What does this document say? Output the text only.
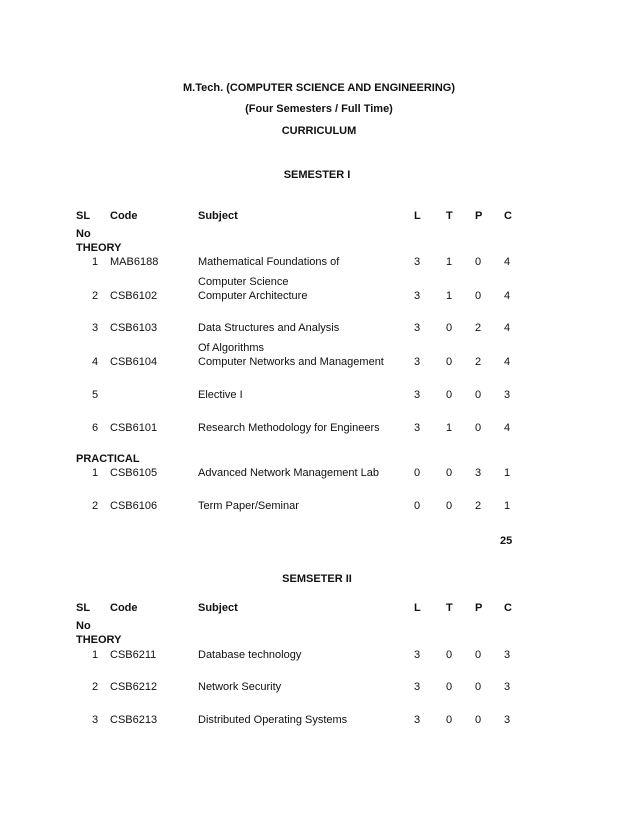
M.Tech. (COMPUTER SCIENCE AND ENGINEERING)
(Four Semesters / Full Time)
CURRICULUM
SEMESTER I
SL Code	Subject	L T P C
No
THEORY
1 MAB6188	Mathematical Foundations of	3 1 0 4
Computer Science
2 CSB6102	Computer Architecture	3 1 0 4
3 CSB6103	Data Structures and Analysis	3 0 2 4
Of Algorithms
4 CSB6104	Computer Networks and Management	3 0 2 4
5	Elective I	3 0 0 3
6 CSB6101	Research Methodology for Engineers	3 1 0 4
PRACTICAL
1 CSB6105	Advanced Network Management Lab	0 0 3 1
2 CSB6106	Term Paper/Seminar	0 0 2 1
25
SEMSETER II
SL Code	Subject	L T P C
No
THEORY
1 CSB6211	Database technology	3 0 0 3
2 CSB6212	Network Security	3 0 0 3
3 CSB6213	Distributed Operating Systems	3 0 0 3
